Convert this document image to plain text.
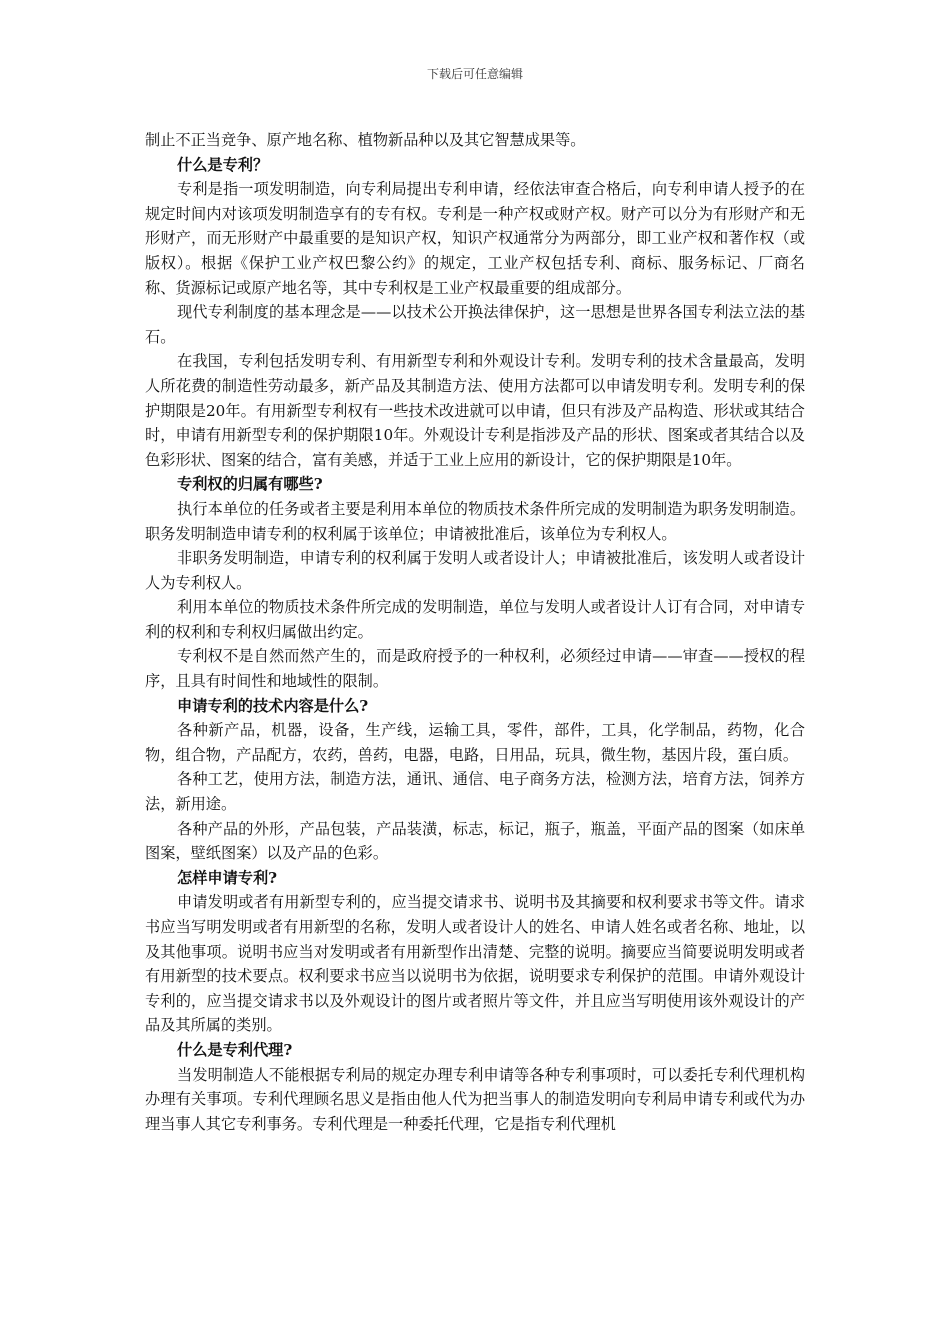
下载后可任意编辑

制止不正当竞争、原产地名称、植物新品种以及其它智慧成果等。

什么是专利？

专利是指一项发明制造，向专利局提出专利申请，经依法审查合格后，向专利申请人授予的在规定时间内对该项发明制造享有的专有权。专利是一种产权或财产权。财产可以分为有形财产和无形财产，而无形财产中最重要的是知识产权，知识产权通常分为两部分，即工业产权和著作权（或版权）。根据《保护工业产权巴黎公约》的规定，工业产权包括专利、商标、服务标记、厂商名称、货源标记或原产地名等，其中专利权是工业产权最重要的组成部分。

现代专利制度的基本理念是——以技术公开换法律保护，这一思想是世界各国专利法立法的基石。

在我国，专利包括发明专利、有用新型专利和外观设计专利。发明专利的技术含量最高，发明人所花费的制造性劳动最多，新产品及其制造方法、使用方法都可以申请发明专利。发明专利的保护期限是20年。有用新型专利权有一些技术改进就可以申请，但只有涉及产品构造、形状或其结合时，申请有用新型专利的保护期限10年。外观设计专利是指涉及产品的形状、图案或者其结合以及色彩形状、图案的结合，富有美感，并适于工业上应用的新设计，它的保护期限是10年。

专利权的归属有哪些?

执行本单位的任务或者主要是利用本单位的物质技术条件所完成的发明制造为职务发明制造。职务发明制造申请专利的权利属于该单位；申请被批准后，该单位为专利权人。

非职务发明制造，申请专利的权利属于发明人或者设计人；申请被批准后，该发明人或者设计人为专利权人。

利用本单位的物质技术条件所完成的发明制造，单位与发明人或者设计人订有合同，对申请专利的权利和专利权归属做出约定。

专利权不是自然而然产生的，而是政府授予的一种权利，必须经过申请——审查——授权的程序，且具有时间性和地域性的限制。

申请专利的技术内容是什么?

各种新产品，机器，设备，生产线，运输工具，零件，部件，工具，化学制品，药物，化合物，组合物，产品配方，农药，兽药，电器，电路，日用品，玩具，微生物，基因片段，蛋白质。

各种工艺，使用方法，制造方法，通讯、通信、电子商务方法，检测方法，培育方法，饲养方法，新用途。

各种产品的外形，产品包装，产品装潢，标志，标记，瓶子，瓶盖，平面产品的图案（如床单图案，壁纸图案）以及产品的色彩。

怎样申请专利?

申请发明或者有用新型专利的，应当提交请求书、说明书及其摘要和权利要求书等文件。请求书应当写明发明或者有用新型的名称，发明人或者设计人的姓名、申请人姓名或者名称、地址，以及其他事项。说明书应当对发明或者有用新型作出清楚、完整的说明。摘要应当简要说明发明或者有用新型的技术要点。权利要求书应当以说明书为依据，说明要求专利保护的范围。申请外观设计专利的，应当提交请求书以及外观设计的图片或者照片等文件，并且应当写明使用该外观设计的产品及其所属的类别。

什么是专利代理?

当发明制造人不能根据专利局的规定办理专利申请等各种专利事项时，可以委托专利代理机构办理有关事项。专利代理顾名思义是指由他人代为把当事人的制造发明向专利局申请专利或代为办理当事人其它专利事务。专利代理是一种委托代理，它是指专利代理机
